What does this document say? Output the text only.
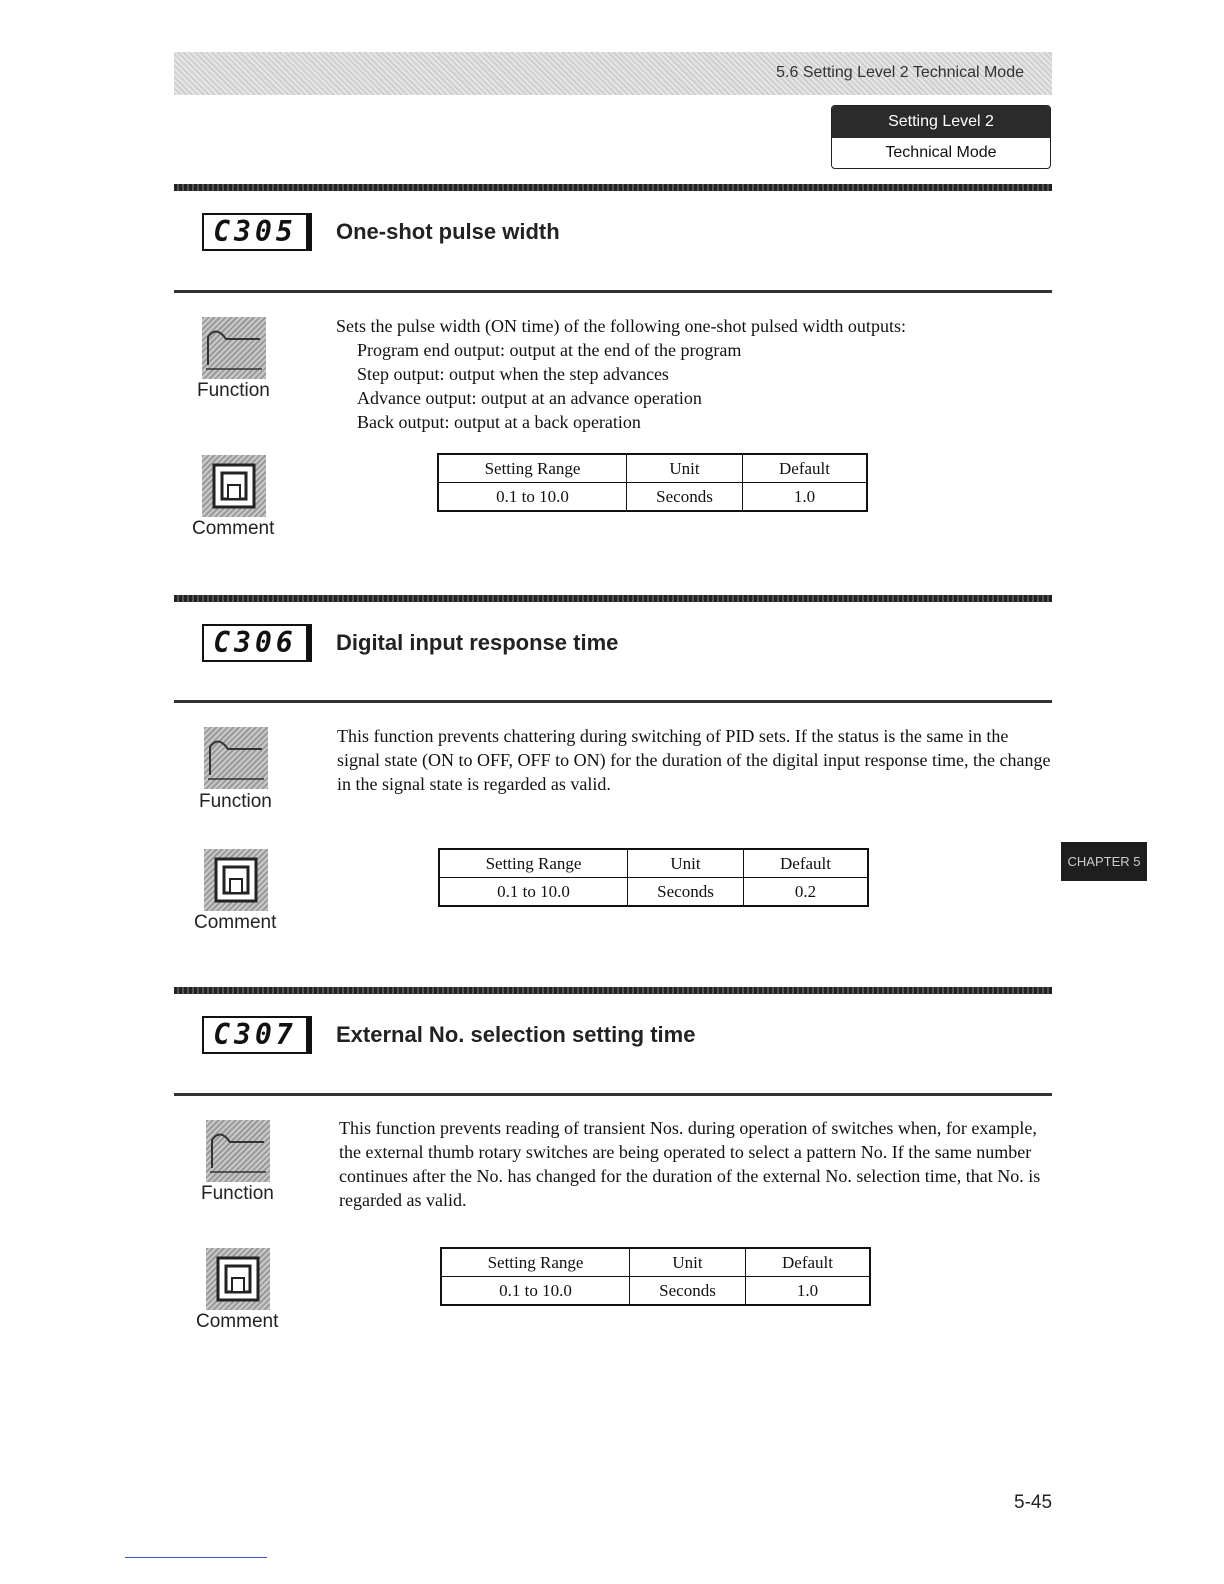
5.6 Setting Level 2 Technical Mode
Setting Level 2
Technical Mode
C305	One-shot pulse width
Function
Comment
Sets the pulse width (ON time) of the following one-shot pulsed width outputs:
Program end output: output at the end of the program
Step output: output when the step advances
Advance output: output at an advance operation
Back output: output at a back operation
Setting Range	Unit	Default
0.1 to 10.0	Seconds	1.0
C306	Digital input response time
Function
Comment
This function prevents chattering during switching of PID sets. If the status is the same in the signal state (ON to OFF, OFF to ON) for the duration of the digital input response time, the change in the signal state is regarded as valid.
Setting Range	Unit	Default
0.1 to 10.0	Seconds	0.2
CHAPTER 5
C307	External No. selection setting time
Function
Comment
This function prevents reading of transient Nos. during operation of switches when, for example, the external thumb rotary switches are being operated to select a pattern No. If the same number continues after the No. has changed for the duration of the external No. selection time, that No. is regarded as valid.
Setting Range	Unit	Default
0.1 to 10.0	Seconds	1.0
5-45
